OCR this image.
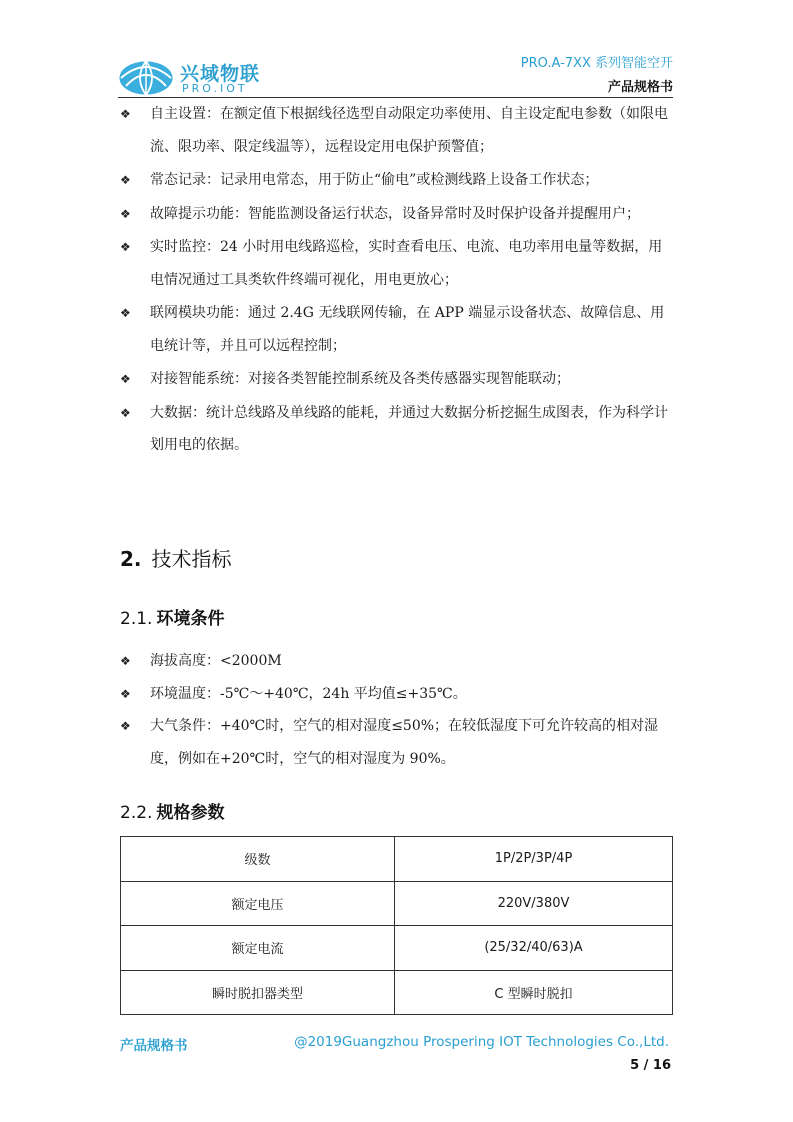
兴域物联
PRO.IOT
PRO.A-7XX 系列智能空开
产品规格书
❖ 自主设置：在额定值下根据线径选型自动限定功率使用、自主设定配电参数（如限电流、限功率、限定线温等），远程设定用电保护预警值；
❖ 常态记录：记录用电常态，用于防止“偷电”或检测线路上设备工作状态；
❖ 故障提示功能：智能监测设备运行状态，设备异常时及时保护设备并提醒用户；
❖ 实时监控：24 小时用电线路巡检，实时查看电压、电流、电功率用电量等数据，用电情况通过工具类软件终端可视化，用电更放心；
❖ 联网模块功能：通过 2.4G 无线联网传输，在 APP 端显示设备状态、故障信息、用电统计等，并且可以远程控制；
❖ 对接智能系统：对接各类智能控制系统及各类传感器实现智能联动；
❖ 大数据：统计总线路及单线路的能耗，并通过大数据分析挖掘生成图表，作为科学计划用电的依据。
2. 技术指标
2.1. 环境条件
❖ 海拔高度：<2000M
❖ 环境温度：-5℃～+40℃，24h 平均值≤+35℃。
❖ 大气条件：+40℃时，空气的相对湿度≤50%；在较低湿度下可允许较高的相对湿度，例如在+20℃时，空气的相对湿度为 90%。
2.2. 规格参数
级数	1P/2P/3P/4P
额定电压	220V/380V
额定电流	(25/32/40/63)A
瞬时脱扣器类型	C 型瞬时脱扣
产品规格书	@2019Guangzhou Prospering IOT Technologies Co.,Ltd.
5 / 16
